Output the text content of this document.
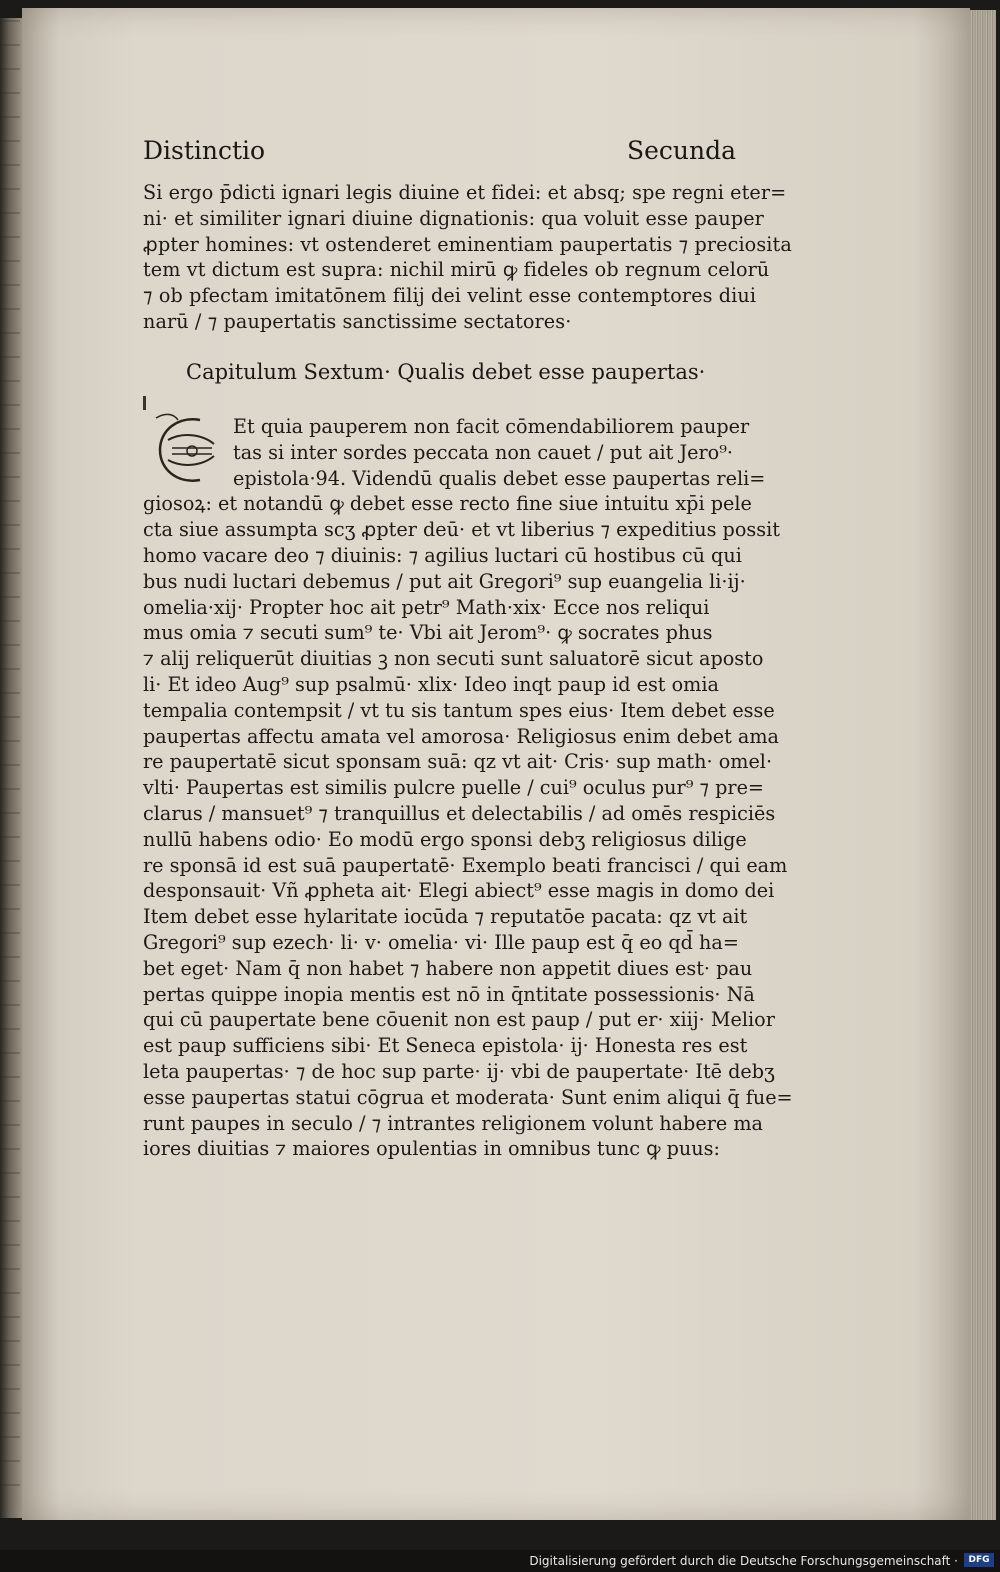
Distinctio	Secunda
Si ergo p̄dicti ignari legis diuine et fidei: et absq; spe regni eter=
ni· et similiter ignari diuine dignationis: qua voluit esse pauper
ꝓpter homines: vt ostenderet eminentiam paupertatis ⁊ preciosita
tem vt dictum est supra: nichil mirū ꝙ fideles ob regnum celorū
⁊ ob pfectam imitatōnem filij dei velint esse contemptores diui
narū / ⁊ paupertatis sanctissime sectatores·
Capitulum Sextum· Qualis debet esse paupertas·
Et quia pauperem non facit cōmendabiliorem pauper
tas si inter sordes peccata non cauet / put ait Jero⁹·
epistola·94. Videndū qualis debet esse paupertas reli=
giosoꝝ: et notandū ꝙ debet esse recto fine siue intuitu xp̄i pele
cta siue assumpta scʒ ꝓpter deū· et vt liberius ⁊ expeditius possit
homo vacare deo ⁊ diuinis: ⁊ agilius luctari cū hostibus cū qui
bus nudi luctari debemus / put ait Gregori⁹ sup euangelia li·ij·
omelia·xij· Propter hoc ait petr⁹ Math·xix· Ecce nos reliqui
mus omia ⁊ secuti sum⁹ te· Vbi ait Jerom⁹· ꝙ socrates phus
⁊ alij reliquerūt diuitias ꝫ non secuti sunt saluatorē sicut aposto
li· Et ideo Aug⁹ sup psalmū· xlix· Ideo inqt paup id est omia
tempalia contempsit / vt tu sis tantum spes eius· Item debet esse
paupertas affectu amata vel amorosa· Religiosus enim debet ama
re paupertatē sicut sponsam suā: qz vt ait· Cris· sup math· omel·
vlti· Paupertas est similis pulcre puelle / cui⁹ oculus pur⁹ ⁊ pre=
clarus / mansuet⁹ ⁊ tranquillus et delectabilis / ad omēs respiciēs
nullū habens odio· Eo modū ergo sponsi debʒ religiosus dilige
re sponsā id est suā paupertatē· Exemplo beati francisci / qui eam
desponsauit· Vñ ꝓpheta ait· Elegi abiect⁹ esse magis in domo dei
Item debet esse hylaritate iocūda ⁊ reputatōe pacata: qz vt ait
Gregori⁹ sup ezech· li· v· omelia· vi· Ille paup est q̄ eo qd̄ ha=
bet eget· Nam q̄ non habet ⁊ habere non appetit diues est· pau
pertas quippe inopia mentis est nō in q̄ntitate possessionis· Nā
qui cū paupertate bene cōuenit non est paup / put er· xiij· Melior
est paup sufficiens sibi· Et Seneca epistola· ij· Honesta res est
leta paupertas· ⁊ de hoc sup parte· ij· vbi de paupertate· Itē debʒ
esse paupertas statui cōgrua et moderata· Sunt enim aliqui q̄ fue=
runt paupes in seculo / ⁊ intrantes religionem volunt habere ma
iores diuitias ⁊ maiores opulentias in omnibus tunc ꝙ puus:
Digitalisierung gefördert durch die Deutsche Forschungsgemeinschaft ·	DFG
